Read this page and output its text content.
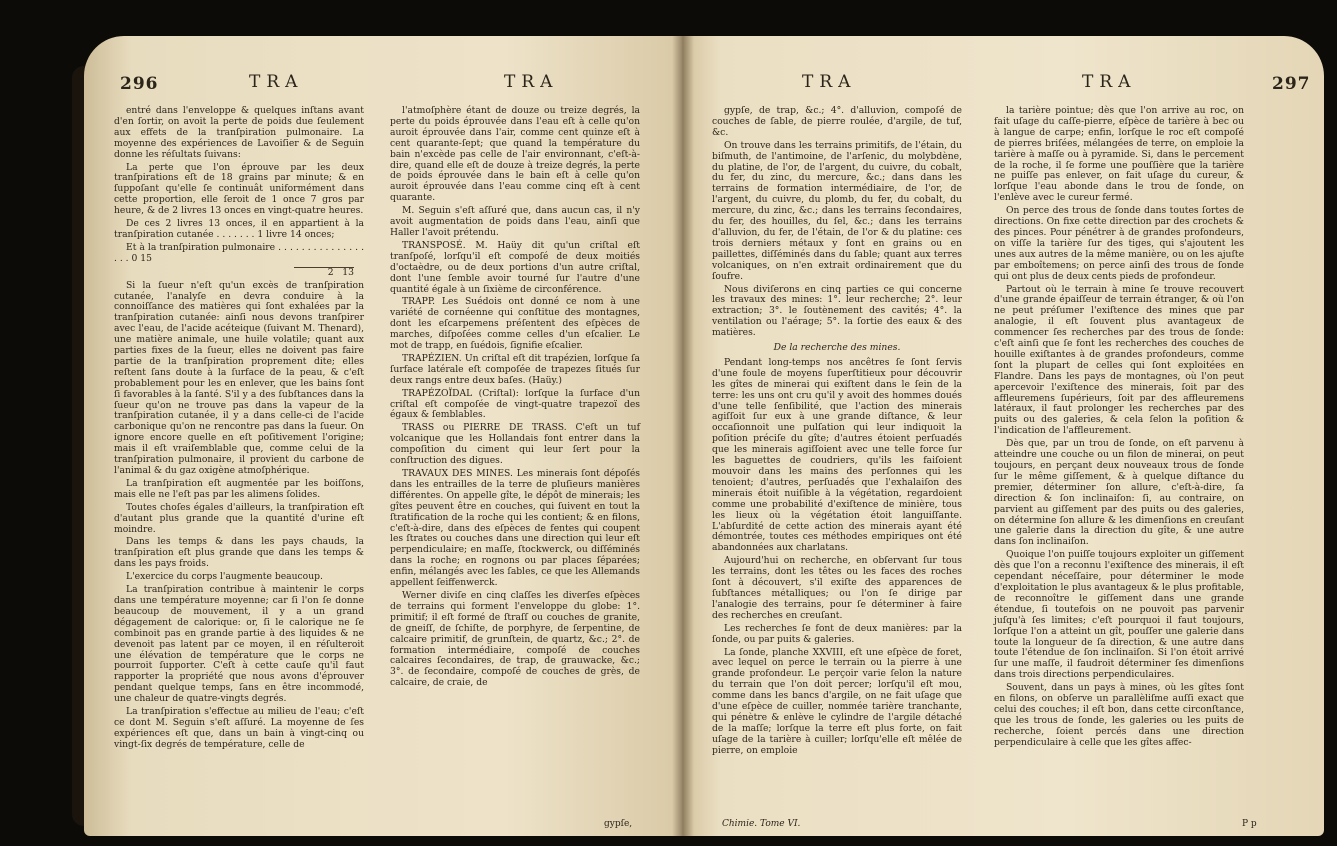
296	TRA	TRA

entré dans l'enveloppe & quelques inſtans avant d'en ſortir, on avoit la perte de poids due ſeulement aux effets de la tranſpiration pulmonaire. La moyenne des expériences de Lavoiſier & de Seguin donne les réſultats ſuivans:

La perte que l'on éprouve par les deux tranſpirations eſt de 18 grains par minute; & en ſuppoſant qu'elle ſe continuât uniformément dans cette proportion, elle ſeroit de 1 once 7 gros par heure, & de 2 livres 13 onces en vingt-quatre heures.

De ces 2 livres 13 onces, il en appartient à la tranſpiration cutanée . . . . . . . 1 livre 14 onces;

Et à la tranſpiration pulmonaire . . . . . . . . . . . . . . . . . . 0 15

2   13

Si la ſueur n'eſt qu'un excès de tranſpiration cutanée, l'analyſe en devra conduire à la connoiſſance des matières qui ſont exhalées par la tranſpiration cutanée: ainſi nous devons tranſpirer avec l'eau, de l'acide acéteique (ſuivant M. Thenard), une matière animale, une huile volatile; quant aux parties fixes de la ſueur, elles ne doivent pas faire partie de la tranſpiration proprement dite; elles reſtent ſans doute à la ſurface de la peau, & c'eſt probablement pour les en enlever, que les bains ſont ſi favorables à la ſanté. S'il y a des ſubſtances dans la ſueur qu'on ne trouve pas dans la vapeur de la tranſpiration cutanée, il y a dans celle-ci de l'acide carbonique qu'on ne rencontre pas dans la ſueur. On ignore encore quelle en eſt poſitivement l'origine; mais il eſt vraiſemblable que, comme celui de la tranſpiration pulmonaire, il provient du carbone de l'animal & du gaz oxigène atmoſphérique.

La tranſpiration eſt augmentée par les boiſſons, mais elle ne l'eſt pas par les alimens ſolides.

Toutes choſes égales d'ailleurs, la tranſpiration eſt d'autant plus grande que la quantité d'urine eſt moindre.

Dans les temps & dans les pays chauds, la tranſpiration eſt plus grande que dans les temps & dans les pays froids.

L'exercice du corps l'augmente beaucoup.

La tranſpiration contribue à maintenir le corps dans une température moyenne; car ſi l'on ſe donne beaucoup de mouvement, il y a un grand dégagement de calorique: or, ſi le calorique ne ſe combinoit pas en grande partie à des liquides & ne devenoit pas latent par ce moyen, il en réſulteroit une élévation de température que le corps ne pourroit ſupporter. C'eſt à cette cauſe qu'il faut rapporter la propriété que nous avons d'éprouver pendant quelque temps, ſans en être incommodé, une chaleur de quatre-vingts degrés.

La tranſpiration s'effectue au milieu de l'eau; c'eſt ce dont M. Seguin s'eſt aſſuré. La moyenne de ſes expériences eſt que, dans un bain à vingt-cinq ou vingt-ſix degrés de température, celle de

l'atmoſphère étant de douze ou treize degrés, la perte du poids éprouvée dans l'eau eſt à celle qu'on auroit éprouvée dans l'air, comme cent quinze eſt à cent quarante-ſept; que quand la température du bain n'excède pas celle de l'air environnant, c'eſt-à-dire, quand elle eſt de douze à treize degrés, la perte de poids éprouvée dans le bain eſt à celle qu'on auroit éprouvée dans l'eau comme cinq eſt à cent quarante.

M. Seguin s'eſt aſſuré que, dans aucun cas, il n'y avoit augmentation de poids dans l'eau, ainſi que Haller l'avoit prétendu.

TRANSPOSÉ. M. Haüy dit qu'un criſtal eſt tranſpoſé, lorſqu'il eſt compoſé de deux moitiés d'octaèdre, ou de deux portions d'un autre criſtal, dont l'une ſemble avoir tourné ſur l'autre d'une quantité égale à un ſixième de circonférence.

TRAPP. Les Suédois ont donné ce nom à une variété de cornéenne qui conſtitue des montagnes, dont les eſcarpemens préſentent des eſpèces de marches, diſpoſées comme celles d'un eſcalier. Le mot de trapp, en ſuédois, ſignifie eſcalier.

TRAPÉZIEN. Un criſtal eſt dit trapézien, lorſque ſa ſurface latérale eſt compoſée de trapezes ſitués ſur deux rangs entre deux baſes. (Haüy.)

TRAPÉZOÏDAL (Criſtal): lorſque la ſurface d'un criſtal eſt compoſée de vingt-quatre trapezoï des égaux & ſemblables.

TRASS ou PIERRE DE TRASS. C'eſt un tuf volcanique que les Hollandais font entrer dans la compoſition du ciment qui leur ſert pour la conſtruction des digues.

TRAVAUX DES MINES. Les minerais ſont dépoſés dans les entrailles de la terre de pluſieurs manières différentes. On appelle gîte, le dépôt de minerais; les gîtes peuvent être en couches, qui ſuivent en tout la ſtratification de la roche qui les contient; & en filons, c'eſt-à-dire, dans des eſpèces de fentes qui coupent les ſtrates ou couches dans une direction qui leur eſt perpendiculaire; en maſſe, ſtockwerck, ou diſſéminés dans la roche; en rognons ou par places ſéparées; enfin, mélangés avec les ſables, ce que les Allemands appellent ſeiffenwerck.

Werner diviſe en cinq claſſes les diverſes eſpèces de terrains qui forment l'enveloppe du globe: 1°. primitif; il eſt formé de ſtraſſ ou couches de granite, de gneiſſ, de ſchiſte, de porphyre, de ſerpentine, de calcaire primitif, de grunſtein, de quartz, &c.; 2°. de formation intermédiaire, compoſé de couches calcaires ſecondaires, de trap, de grauwacke, &c.; 3°. de ſecondaire, compoſé de couches de grès, de calcaire, de craie, de

gypſe,
TRA	TRA	297

gypſe, de trap, &c.; 4°. d'alluvion, compoſé de couches de ſable, de pierre roulée, d'argile, de tuf, &c.

On trouve dans les terrains primitifs, de l'étain, du biſmuth, de l'antimoine, de l'arſenic, du molybdène, du platine, de l'or, de l'argent, du cuivre, du cobalt, du fer, du zinc, du mercure, &c.; dans dans les terrains de formation intermédiaire, de l'or, de l'argent, du cuivre, du plomb, du fer, du cobalt, du mercure, du zinc, &c.; dans les terrains ſecondaires, du fer, des houilles, du ſel, &c.; dans les terrains d'alluvion, du fer, de l'étain, de l'or & du platine: ces trois derniers métaux y ſont en grains ou en paillettes, diſſéminés dans du ſable; quant aux terres volcaniques, on n'en extrait ordinairement que du ſoufre.

Nous diviſerons en cinq parties ce qui concerne les travaux des mines: 1°. leur recherche; 2°. leur extraction; 3°. le ſoutènement des cavités; 4°. la ventilation ou l'aérage; 5°. la ſortie des eaux & des matières.

De la recherche des mines.

Pendant long-temps nos ancêtres ſe ſont ſervis d'une foule de moyens ſuperſtitieux pour découvrir les gîtes de minerai qui exiſtent dans le ſein de la terre: les uns ont cru qu'il y avoit des hommes doués d'une telle ſenſibilité, que l'action des minerais agiſſoit ſur eux à une grande diſtance, & leur occaſionnoit une pulſation qui leur indiquoit la poſition préciſe du gîte; d'autres étoient perſuadés que les minerais agiſſoient avec une telle force ſur les baguettes de coudriers, qu'ils les faiſoient mouvoir dans les mains des perſonnes qui les tenoient; d'autres, perſuadés que l'exhalaiſon des minerais étoit nuiſible à la végétation, regardoient comme une probabilité d'exiſtence de minière, tous les lieux où la végétation étoit languiſſante. L'abſurdité de cette action des minerais ayant été démontrée, toutes ces méthodes empiriques ont été abandonnées aux charlatans.

Aujourd'hui on recherche, en obſervant ſur tous les terrains, dont les têtes ou les faces des roches ſont à découvert, s'il exiſte des apparences de ſubſtances métalliques; ou l'on ſe dirige par l'analogie des terrains, pour ſe déterminer à faire des recherches en creuſant.

Les recherches ſe font de deux manières: par la ſonde, ou par puits & galeries.

La ſonde, planche XXVIII, eſt une eſpèce de foret, avec lequel on perce le terrain ou la pierre à une grande profondeur. Le perçoir varie ſelon la nature du terrain que l'on doit percer; lorſqu'il eſt mou, comme dans les bancs d'argile, on ne fait uſage que d'une eſpèce de cuiller, nommée tarière tranchante, qui pénètre & enlève le cylindre de l'argile détaché de la maſſe; lorſque la terre eſt plus forte, on fait uſage de la tarière à cuiller; lorſqu'elle eſt mêlée de pierre, on emploie

la tarière pointue; dès que l'on arrive au roc, on fait uſage du caſſe-pierre, eſpèce de tarière à bec ou à langue de carpe; enfin, lorſque le roc eſt compoſé de pierres briſées, mélangées de terre, on emploie la tarière à maſſe ou à pyramide. Si, dans le percement de la roche, il ſe forme une pouſſière que la tarière ne puiſſe pas enlever, on fait uſage du cureur, & lorſque l'eau abonde dans le trou de ſonde, on l'enlève avec le cureur fermé.

On perce des trous de ſonde dans toutes ſortes de directions. On fixe cette direction par des crochets & des pinces. Pour pénétrer à de grandes profondeurs, on viſſe la tarière ſur des tiges, qui s'ajoutent les unes aux autres de la même manière, ou on les ajuſte par emboîtemens; on perce ainſi des trous de ſonde qui ont plus de deux cents pieds de profondeur.

Partout où le terrain à mine ſe trouve recouvert d'une grande épaiſſeur de terrain étranger, & où l'on ne peut préſumer l'exiſtence des mines que par analogie, il eſt ſouvent plus avantageux de commencer ſes recherches par des trous de ſonde: c'eſt ainſi que ſe font les recherches des couches de houille exiſtantes à de grandes profondeurs, comme ſont la plupart de celles qui ſont exploitées en Flandre. Dans les pays de montagnes, où l'on peut apercevoir l'exiſtence des minerais, ſoit par des affleuremens ſupérieurs, ſoit par des affleuremens latéraux, il faut prolonger les recherches par des puits ou des galeries, & cela ſelon la poſition & l'indication de l'affleurement.

Dès que, par un trou de ſonde, on eſt parvenu à atteindre une couche ou un filon de minerai, on peut toujours, en perçant deux nouveaux trous de ſonde ſur le même giſſement, & à quelque diſtance du premier, déterminer ſon allure, c'eſt-à-dire, ſa direction & ſon inclinaiſon: ſi, au contraire, on parvient au giſſement par des puits ou des galeries, on détermine ſon allure & les dimenſions en creuſant une galerie dans la direction du gîte, & une autre dans ſon inclinaiſon.

Quoique l'on puiſſe toujours exploiter un giſſement dès que l'on a reconnu l'exiſtence des minerais, il eſt cependant néceſſaire, pour déterminer le mode d'exploitation le plus avantageux & le plus profitable, de reconnoître le giſſement dans une grande étendue, ſi toutefois on ne pouvoit pas parvenir juſqu'à ſes limites; c'eſt pourquoi il faut toujours, lorſque l'on a atteint un gît, pouſſer une galerie dans toute la longueur de ſa direction, & une autre dans toute l'étendue de ſon inclinaiſon. Si l'on étoit arrivé ſur une maſſe, il faudroit déterminer ſes dimenſions dans trois directions perpendiculaires.

Souvent, dans un pays à mines, où les gîtes ſont en filons, on obſerve un parallèliſme auſſi exact que celui des couches; il eſt bon, dans cette circonſtance, que les trous de ſonde, les galeries ou les puits de recherche, ſoient percés dans une direction perpendiculaire à celle que les gîtes affec-

Chimie. Tome VI.	P p
